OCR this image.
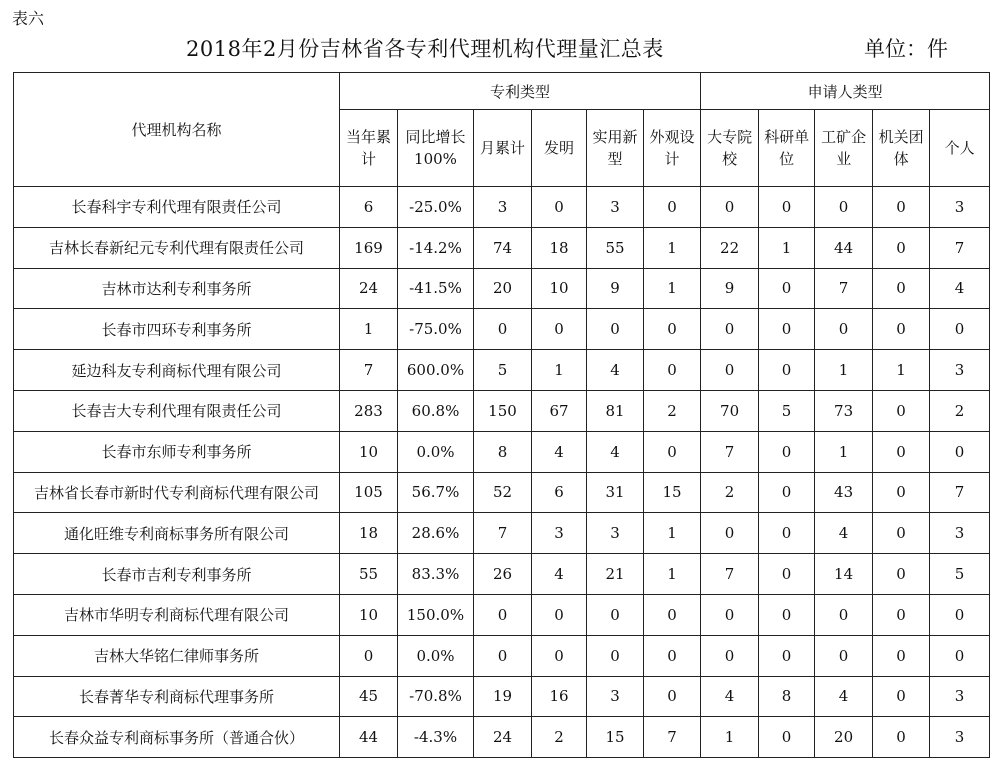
表六
2018年2月份吉林省各专利代理机构代理量汇总表	单位：件
代理机构名称	专利类型						申请人类型				
	当年累计	同比增长100%	月累计	发明	实用新型	外观设计	大专院校	科研单位	工矿企业	机关团体	个人
长春科宇专利代理有限责任公司	6	-25.0%	3	0	3	0	0	0	0	0	3
吉林长春新纪元专利代理有限责任公司	169	-14.2%	74	18	55	1	22	1	44	0	7
吉林市达利专利事务所	24	-41.5%	20	10	9	1	9	0	7	0	4
长春市四环专利事务所	1	-75.0%	0	0	0	0	0	0	0	0	0
延边科友专利商标代理有限公司	7	600.0%	5	1	4	0	0	0	1	1	3
长春吉大专利代理有限责任公司	283	60.8%	150	67	81	2	70	5	73	0	2
长春市东师专利事务所	10	0.0%	8	4	4	0	7	0	1	0	0
吉林省长春市新时代专利商标代理有限公司	105	56.7%	52	6	31	15	2	0	43	0	7
通化旺维专利商标事务所有限公司	18	28.6%	7	3	3	1	0	0	4	0	3
长春市吉利专利事务所	55	83.3%	26	4	21	1	7	0	14	0	5
吉林市华明专利商标代理有限公司	10	150.0%	0	0	0	0	0	0	0	0	0
吉林大华铭仁律师事务所	0	0.0%	0	0	0	0	0	0	0	0	0
长春菁华专利商标代理事务所	45	-70.8%	19	16	3	0	4	8	4	0	3
长春众益专利商标事务所（普通合伙）	44	-4.3%	24	2	15	7	1	0	20	0	3
